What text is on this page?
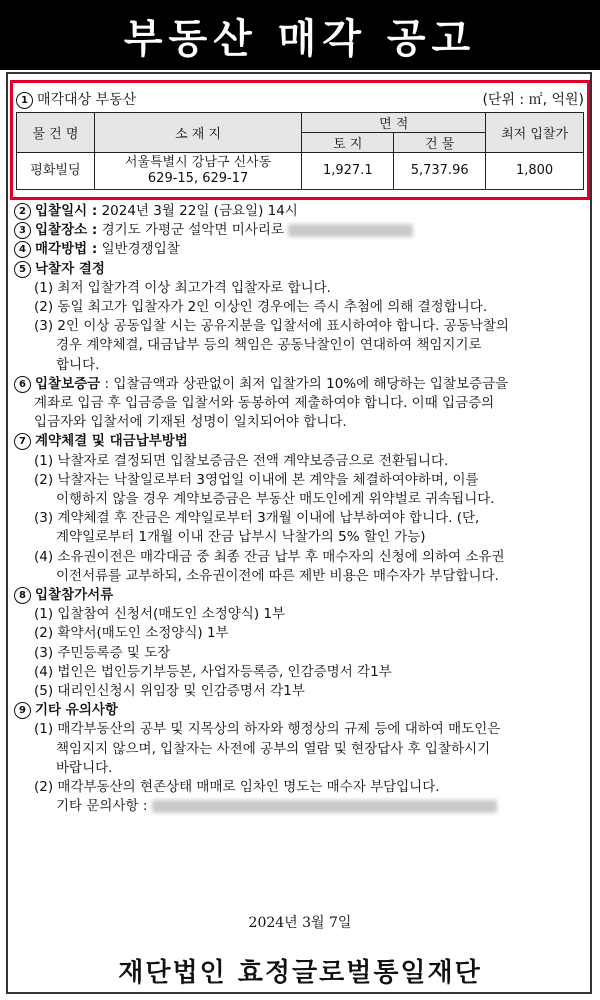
부동산 매각 공고
1 매각대상 부동산	(단위 : ㎡, 억원)
물 건 명	소 재 지	면 적		최저 입찰가
		토 지	건 물	
평화빌딩	서울특별시 강남구 신사동
629-15, 629-17	1,927.1	5,737.96	1,800
2 입찰일시 : 2024년 3월 22일 (금요일) 14시
3 입찰장소 : 경기도 가평군 설악면 미사리로
4 매각방법 : 일반경쟁입찰
5 낙찰자 결정
(1) 최저 입찰가격 이상 최고가격 입찰자로 합니다.
(2) 동일 최고가 입찰자가 2인 이상인 경우에는 즉시 추첨에 의해 결정합니다.
(3) 2인 이상 공동입찰 시는 공유지분을 입찰서에 표시하여야 합니다. 공동낙찰의
경우 계약체결, 대금납부 등의 책임은 공동낙찰인이 연대하여 책임지기로
합니다.
6 입찰보증금 : 입찰금액과 상관없이 최저 입찰가의 10%에 해당하는 입찰보증금을
계좌로 입금 후 입금증을 입찰서와 동봉하여 제출하여야 합니다. 이때 입금증의
입금자와 입찰서에 기재된 성명이 일치되어야 합니다.
7 계약체결 및 대금납부방법
(1) 낙찰자로 결정되면 입찰보증금은 전액 계약보증금으로 전환됩니다.
(2) 낙찰자는 낙찰일로부터 3영업일 이내에 본 계약을 체결하여야하며, 이를
이행하지 않을 경우 계약보증금은 부동산 매도인에게 위약벌로 귀속됩니다.
(3) 계약체결 후 잔금은 계약일로부터 3개월 이내에 납부하여야 합니다. (단,
계약일로부터 1개월 이내 잔금 납부시 낙찰가의 5% 할인 가능)
(4) 소유권이전은 매각대금 중 최종 잔금 납부 후 매수자의 신청에 의하여 소유권
이전서류를 교부하되, 소유권이전에 따른 제반 비용은 매수자가 부담합니다.
8 입찰참가서류
(1) 입찰참여 신청서(매도인 소정양식) 1부
(2) 확약서(매도인 소정양식) 1부
(3) 주민등록증 및 도장
(4) 법인은 법인등기부등본, 사업자등록증, 인감증명서 각1부
(5) 대리인신청시 위임장 및 인감증명서 각1부
9 기타 유의사항
(1) 매각부동산의 공부 및 지목상의 하자와 행정상의 규제 등에 대하여 매도인은
책임지지 않으며, 입찰자는 사전에 공부의 열람 및 현장답사 후 입찰하시기
바랍니다.
(2) 매각부동산의 현존상태 매매로 임차인 명도는 매수자 부담입니다.
기타 문의사항 :
2024년 3월 7일
재단법인 효정글로벌통일재단
